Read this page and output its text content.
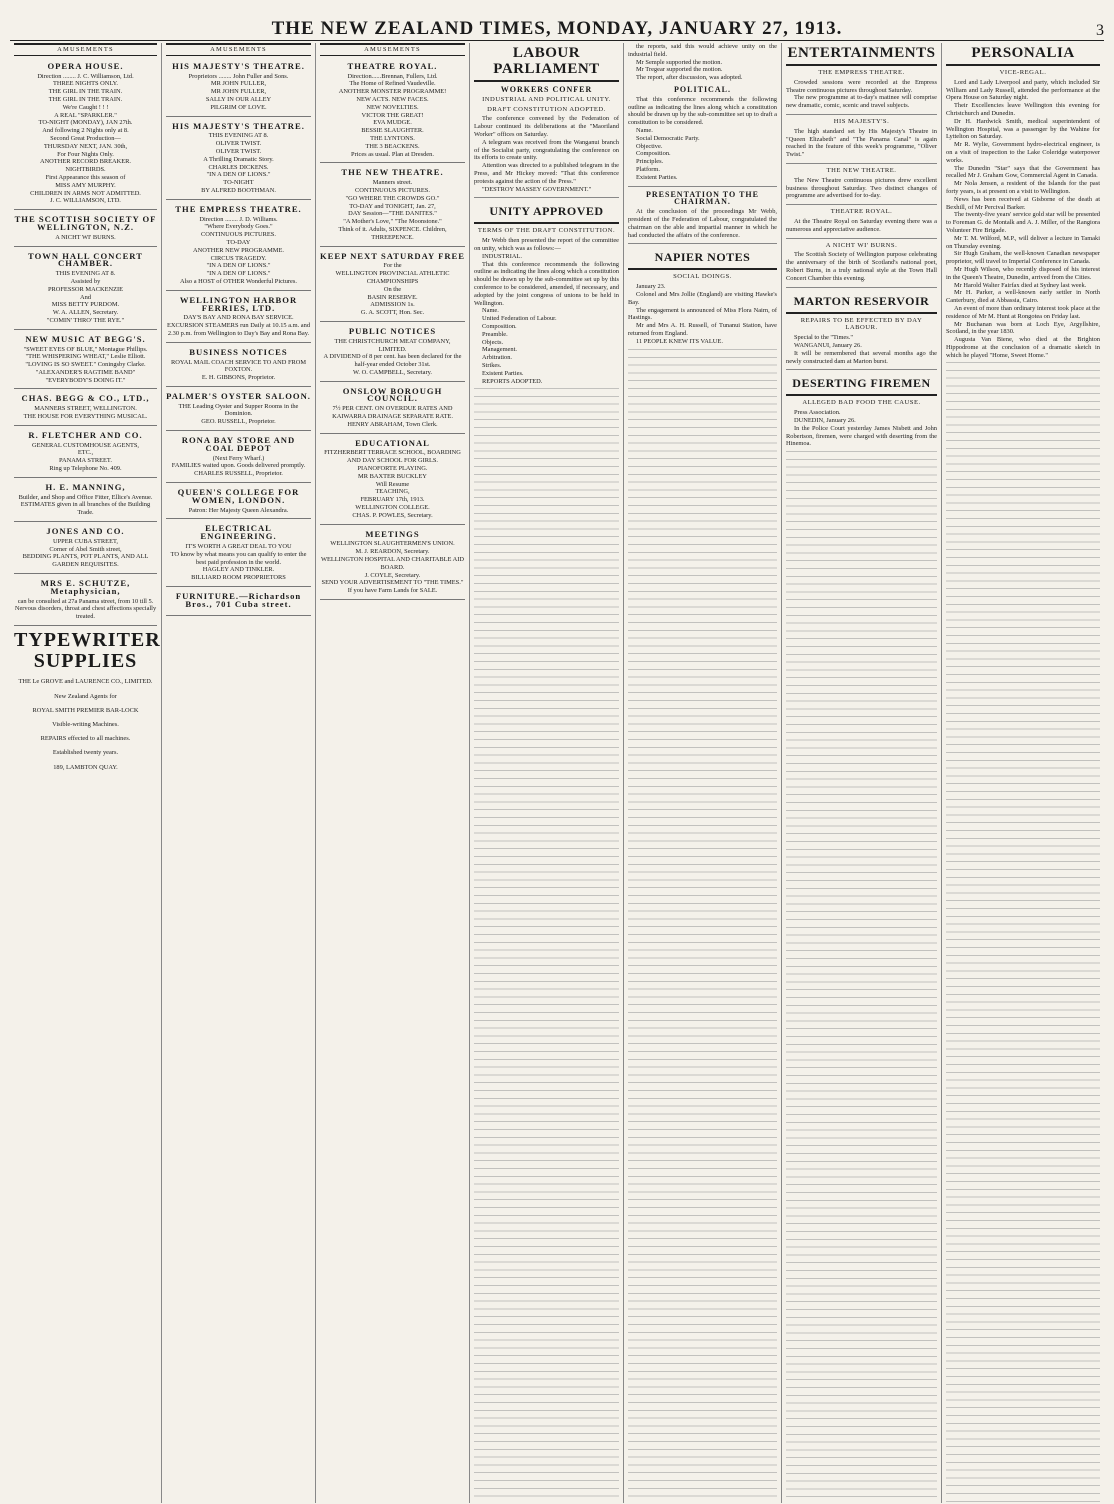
THE NEW ZEALAND TIMES, MONDAY, JANUARY 27, 1913.	3
AMUSEMENTS
OPERA HOUSE.
Direction ........ J. C. Williamson, Ltd.
THREE NIGHTS ONLY.
THE GIRL IN THE TRAIN.
THE GIRL IN THE TRAIN.
We're Caught ! ! !
A REAL "SPARKLER."
TO-NIGHT (MONDAY), JAN 27th.
And following 2 Nights only at 8.
Second Great Production—
THURSDAY NEXT, JAN. 30th,
For Four Nights Only.
ANOTHER RECORD BREAKER.
NIGHTBIRDS.
First Appearance this season of
MISS AMY MURPHY.
CHILDREN IN ARMS NOT ADMITTED.
J. C. WILLIAMSON, LTD.
THE SCOTTISH SOCIETY OF WELLINGTON, N.Z.
A NICHT WI' BURNS.
TOWN HALL CONCERT CHAMBER.
THIS EVENING AT 8.
Assisted by
PROFESSOR MACKENZIE
And
MISS BETTY PURDOM.
W. A. ALLEN, Secretary.
"COMIN' THRO' THE RYE."
NEW MUSIC AT BEGG'S.
"SWEET EYES OF BLUE," Montague Phillips.
"THE WHISPERING WHEAT," Leslie Elliott.
"LOVING IS SO SWEET." Coningsby Clarke.
"ALEXANDER'S RAGTIME BAND"
"EVERYBODY'S DOING IT."
CHAS. BEGG & CO., LTD.,
MANNERS STREET, WELLINGTON.
THE HOUSE FOR EVERYTHING MUSICAL.
R. FLETCHER AND CO.
GENERAL CUSTOMHOUSE AGENTS,
ETC.,
PANAMA STREET.
Ring up Telephone No. 409.
H. E. MANNING,
Builder, and Shop and Office Fitter, Ellice's Avenue.
ESTIMATES given in all branches of the Building Trade.
JONES AND CO.
UPPER CUBA STREET,
Corner of Abel Smith street,
BEDDING PLANTS, POT PLANTS, AND ALL GARDEN REQUISITES.
MRS E. SCHUTZE, Metaphysician,
can be consulted at 27a Panama street, from 10 till 5. Nervous disorders, throat and chest affections specially treated.
TYPEWRITER SUPPLIES

THE Le GROVE and LAURENCE CO., LIMITED.

New Zealand Agents for

ROYAL SMITH PREMIER BAR-LOCK

Visible-writing Machines.

REPAIRS effected to all machines.

Established twenty years.

189, LAMBTON QUAY.

AMUSEMENTS
HIS MAJESTY'S THEATRE.
Proprietors ........ John Fuller and Sons.
MR JOHN FULLER,
MR JOHN FULLER,
SALLY IN OUR ALLEY
PILGRIM OF LOVE.
HIS MAJESTY'S THEATRE.
THIS EVENING AT 8.
OLIVER TWIST.
OLIVER TWIST.
A Thrilling Dramatic Story.
CHARLES DICKENS.
"IN A DEN OF LIONS."
TO-NIGHT
BY ALFRED BOOTHMAN.
THE EMPRESS THEATRE.
Direction ........ J. D. Williams.
"Where Everybody Goes."
CONTINUOUS PICTURES.
TO-DAY
ANOTHER NEW PROGRAMME.
CIRCUS TRAGEDY.
"IN A DEN OF LIONS."
"IN A DEN OF LIONS."
Also a HOST of OTHER Wonderful Pictures.
WELLINGTON HARBOR FERRIES, LTD.
DAY'S BAY AND RONA BAY SERVICE.
EXCURSION STEAMERS run Daily at 10.15 a.m. and 2.30 p.m. from Wellington to Day's Bay and Rona Bay.
BUSINESS NOTICES
ROYAL MAIL COACH SERVICE TO AND FROM FOXTON.
E. H. GIBBONS, Proprietor.
PALMER'S OYSTER SALOON.
THE Leading Oyster and Supper Rooms in the Dominion.
GEO. RUSSELL, Proprietor.
RONA BAY STORE AND COAL DEPOT
(Next Ferry Wharf.)
FAMILIES waited upon. Goods delivered promptly.
CHARLES RUSSELL, Proprietor.
QUEEN'S COLLEGE FOR WOMEN, LONDON.
Patron: Her Majesty Queen Alexandra.
ELECTRICAL ENGINEERING.
IT'S WORTH A GREAT DEAL TO YOU
TO know by what means you can qualify to enter the best paid profession in the world.
HAGLEY AND TINKLER.
BILLIARD ROOM PROPRIETORS
FURNITURE.—Richardson Bros., 701 Cuba street.
AMUSEMENTS
THEATRE ROYAL.
Direction......Brennan, Fullers, Ltd.
The Home of Refined Vaudeville.
ANOTHER MONSTER PROGRAMME!
NEW ACTS. NEW FACES.
NEW NOVELTIES.
VICTOR THE GREAT!
EVA MUDGE.
BESSIE SLAUGHTER.
THE LYNTONS.
THE 3 BEACKENS.
Prices as usual. Plan at Dresden.
THE NEW THEATRE.
Manners street.
CONTINUOUS PICTURES.
"GO WHERE THE CROWDS GO."
TO-DAY and TONIGHT, Jan. 27,
DAY Session—"THE DANITES."
"A Mother's Love," "The Moonstone."
Think of it. Adults, SIXPENCE. Children, THREEPENCE.
KEEP NEXT SATURDAY FREE
For the
WELLINGTON PROVINCIAL ATHLETIC CHAMPIONSHIPS
On the
BASIN RESERVE.
ADMISSION 1s.
G. A. SCOTT, Hon. Sec.
PUBLIC NOTICES
THE CHRISTCHURCH MEAT COMPANY, LIMITED.
A DIVIDEND of 8 per cent. has been declared for the half-year ended October 31st.
W. O. CAMPBELL, Secretary.
ONSLOW BOROUGH COUNCIL.
7½ PER CENT. ON OVERDUE RATES AND KAIWARRA DRAINAGE SEPARATE RATE.
HENRY ABRAHAM, Town Clerk.
EDUCATIONAL
FITZHERBERT TERRACE SCHOOL, BOARDING AND DAY SCHOOL FOR GIRLS.
PIANOFORTE PLAYING.
MR BAXTER BUCKLEY
Will Resume
TEACHING,
FEBRUARY 17th, 1913.
WELLINGTON COLLEGE.
CHAS. P. POWLES, Secretary.
MEETINGS
WELLINGTON SLAUGHTERMEN'S UNION.
M. J. REARDON, Secretary.
WELLINGTON HOSPITAL AND CHARITABLE AID BOARD.
J. COYLE, Secretary.
SEND YOUR ADVERTISEMENT TO "THE TIMES."
If you have Farm Lands for SALE.
LABOUR PARLIAMENT
WORKERS CONFER

INDUSTRIAL AND POLITICAL UNITY.

DRAFT CONSTITUTION ADOPTED.

The conference convened by the Federation of Labour continued its deliberations at the "Maoriland Worker" offices on Saturday.

A telegram was received from the Wanganui branch of the Socialist party, congratulating the conference on its efforts to create unity.

Attention was directed to a published telegram in the Press, and Mr Hickey moved: "That this conference protests against the action of the Press."

"DESTROY MASSEY GOVERNMENT."

UNITY APPROVED
TERMS OF THE DRAFT CONSTITUTION.

Mr Webb then presented the report of the committee on unity, which was as follows:—

INDUSTRIAL.

That this conference recommends the following outline as indicating the lines along which a constitution should be drawn up by the sub-committee set up by this conference to be considered, amended, if necessary, and adopted by the joint congress of unions to be held in Wellington.

Name.

United Federation of Labour.

Composition.

Preamble.

Objects.

Management.

Arbitration.

Strikes.

Existent Parties.

REPORTS ADOPTED.

the reports, said this would achieve unity on the industrial field.

Mr Semple supported the motion.

Mr Tregear supported the motion.

The report, after discussion, was adopted.

POLITICAL.

That this conference recommends the following outline as indicating the lines along which a constitution should be drawn up by the sub-committee set up to draft a constitution to be considered.

Name.

Social Democratic Party.

Objective.

Composition.

Principles.

Platform.

Existent Parties.

PRESENTATION TO THE CHAIRMAN.

At the conclusion of the proceedings Mr Webb, president of the Federation of Labour, congratulated the chairman on the able and impartial manner in which he had conducted the affairs of the conference.

NAPIER NOTES
SOCIAL DOINGS.

January 23.

Colonel and Mrs Jollie (England) are visiting Hawke's Bay.

The engagement is announced of Miss Flora Nairn, of Hastings.

Mr and Mrs A. H. Russell, of Tunanui Station, have returned from England.

11 PEOPLE KNEW ITS VALUE.

ENTERTAINMENTS
THE EMPRESS THEATRE.

Crowded sessions were recorded at the Empress Theatre continuous pictures throughout Saturday.

The new programme at to-day's matinee will comprise new dramatic, comic, scenic and travel subjects.

HIS MAJESTY'S.

The high standard set by His Majesty's Theatre in "Queen Elizabeth" and "The Panama Canal" is again reached in the feature of this week's programme, "Oliver Twist."

THE NEW THEATRE.

The New Theatre continuous pictures drew excellent business throughout Saturday. Two distinct changes of programme are advertised for to-day.

THEATRE ROYAL.

At the Theatre Royal on Saturday evening there was a numerous and appreciative audience.

A NICHT WI' BURNS.

The Scottish Society of Wellington purpose celebrating the anniversary of the birth of Scotland's national poet, Robert Burns, in a truly national style at the Town Hall Concert Chamber this evening.

MARTON RESERVOIR
REPAIRS TO BE EFFECTED BY DAY LABOUR.

Special to the "Times."

WANGANUI, January 26.

It will be remembered that several months ago the newly constructed dam at Marton burst.

DESERTING FIREMEN
ALLEGED BAD FOOD THE CAUSE.

Press Association.

DUNEDIN, January 26.

In the Police Court yesterday James Nisbett and John Robertson, firemen, were charged with deserting from the Hinemoa.

PERSONALIA
VICE-REGAL.

Lord and Lady Liverpool and party, which included Sir William and Lady Russell, attended the performance at the Opera House on Saturday night.

Their Excellencies leave Wellington this evening for Christchurch and Dunedin.

Dr H. Hardwick Smith, medical superintendent of Wellington Hospital, was a passenger by the Wahine for Lyttelton on Saturday.

Mr R. Wylie, Government hydro-electrical engineer, is on a visit of inspection to the Lake Coleridge waterpower works.

The Dunedin "Star" says that the Government has recalled Mr J. Graham Gow, Commercial Agent in Canada.

Mr Nola Jensen, a resident of the Islands for the past forty years, is at present on a visit to Wellington.

News has been received at Gisborne of the death at Bexhill, of Mr Percival Barker.

The twenty-five years' service gold star will be presented to Foreman G. de Montalk and A. J. Miller, of the Rangiora Volunteer Fire Brigade.

Mr T. M. Wilford, M.P., will deliver a lecture in Tamaki on Thursday evening.

Sir Hugh Graham, the well-known Canadian newspaper proprietor, will travel to Imperial Conference in Canada.

Mr Hugh Wilson, who recently disposed of his interest in the Queen's Theatre, Dunedin, arrived from the Cities.

Mr Harold Walter Fairfax died at Sydney last week.

Mr H. Parker, a well-known early settler in North Canterbury, died at Abbassia, Cairo.

An event of more than ordinary interest took place at the residence of Mr M. Hunt at Rongotea on Friday last.

Mr Buchanan was born at Loch Eye, Argyllshire, Scotland, in the year 1830.

Augusta Van Biene, who died at the Brighton Hippodrome at the conclusion of a dramatic sketch in which he played "Home, Sweet Home."
